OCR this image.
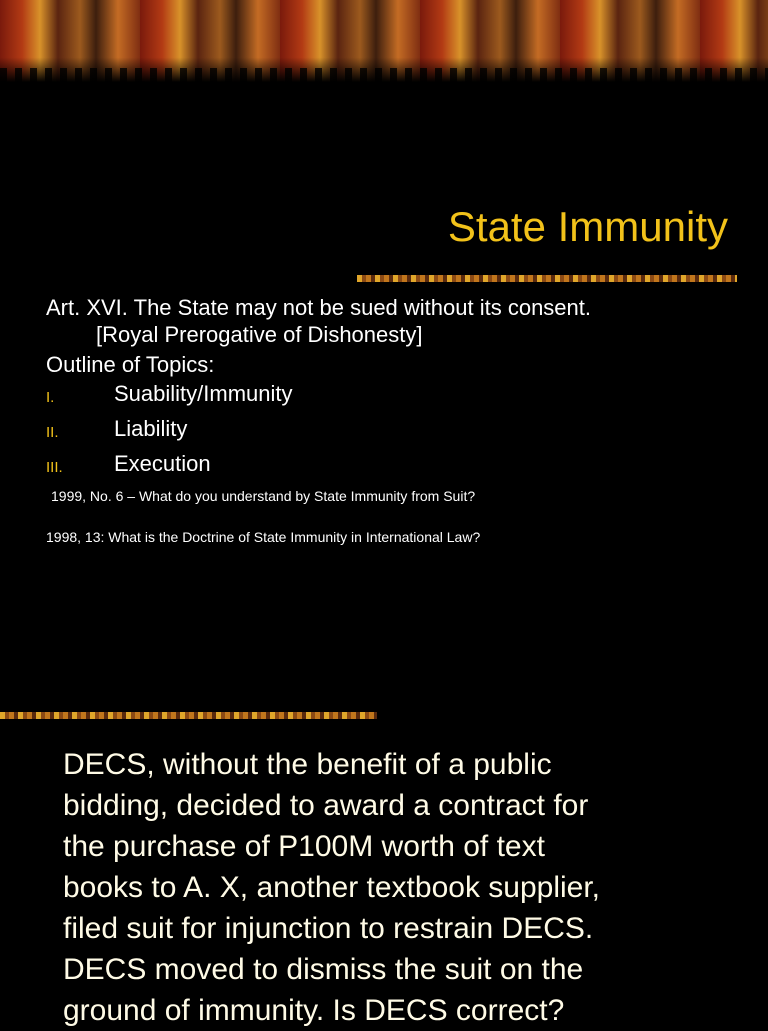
State Immunity
Art. XVI. The State may not be sued without its consent.
[Royal Prerogative of Dishonesty]
Outline of Topics:
I.	Suability/Immunity
II.	Liability
III.	Execution
1999, No. 6 – What do you understand by State Immunity from Suit?
1998, 13: What is the Doctrine of State Immunity in International Law?
DECS, without the benefit of a public
bidding, decided to award a contract for
the purchase of P100M worth of text
books to A. X, another textbook supplier,
filed suit for injunction to restrain DECS.
DECS moved to dismiss the suit on the
ground of immunity. Is DECS correct?
